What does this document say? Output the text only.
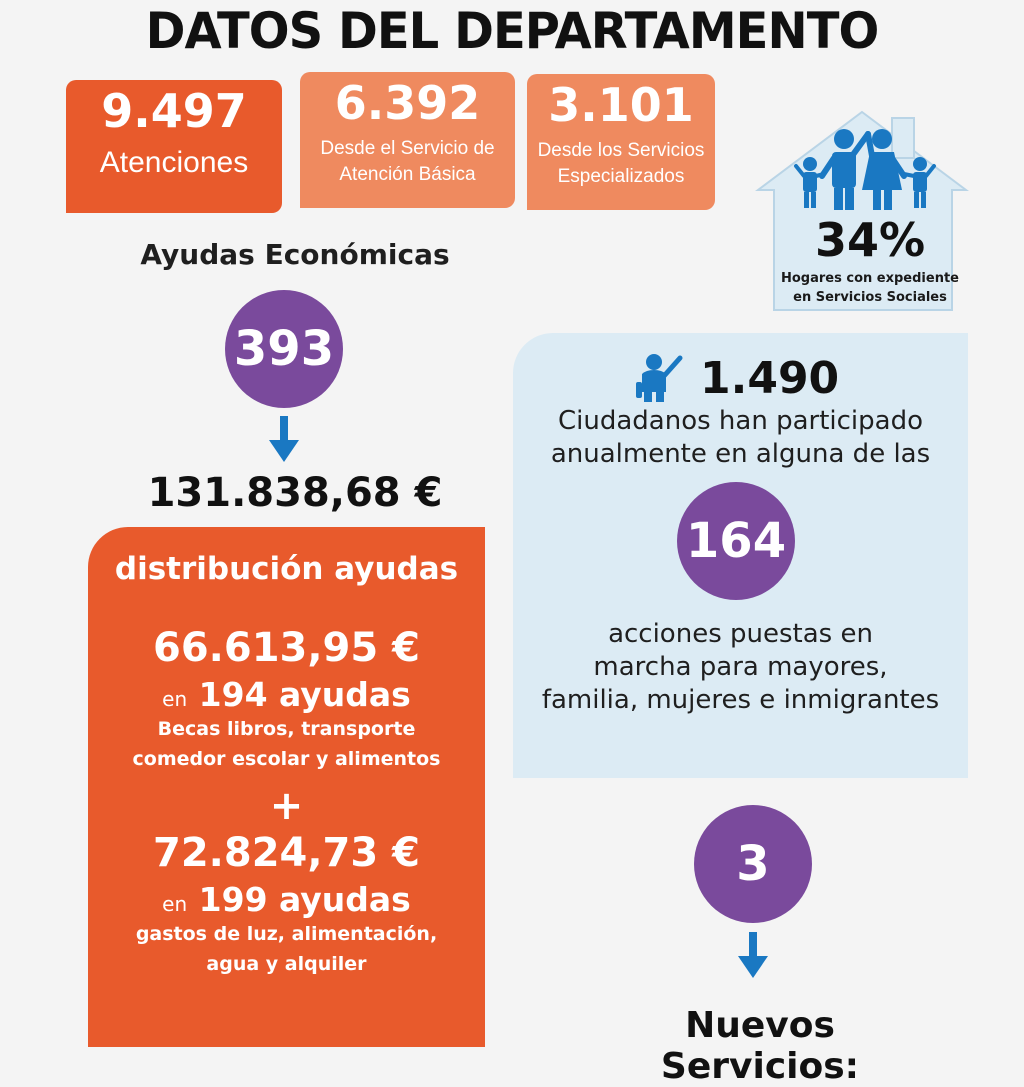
DATOS DEL DEPARTAMENTO
9.497
Atenciones
6.392
Desde el Servicio de
Atención Básica
3.101
Desde los Servicios
Especializados
34%
Hogares con expediente
en Servicios Sociales
Ayudas Económicas
393
131.838,68 €
distribución ayudas
66.613,95 €
en 194 ayudas
Becas libros, transporte
comedor escolar y alimentos
+
72.824,73 €
en 199 ayudas
gastos de luz, alimentación,
agua y alquiler
1.490
Ciudadanos han participado
anualmente en alguna de las
164
acciones puestas en
marcha para mayores,
familia, mujeres e inmigrantes
3
Nuevos Servicios:
